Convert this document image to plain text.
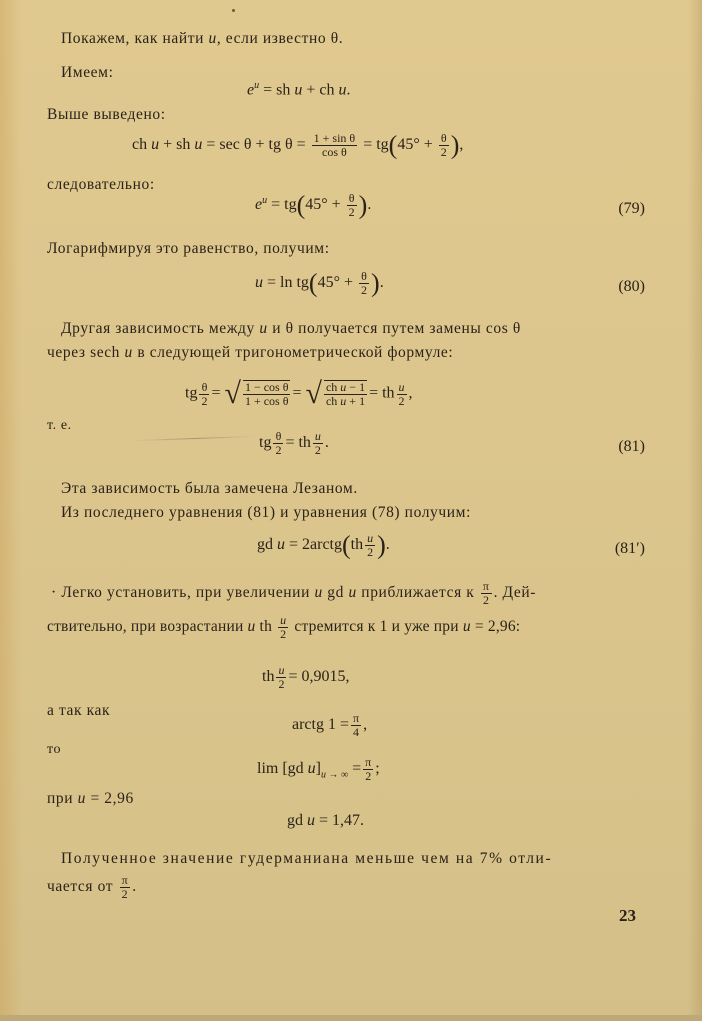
Покажем, как найти u, если известно θ.
Имеем:
$e^u$ = sh u + ch u.
Выше выведено:
ch u + sh u = sec θ + tg $\theta = \frac{\text{1 + sin θ}}{\text{cos θ}} = tg(45^\circ + \frac{\theta}{2}$ ),
следовательно:
$e^u = tg(45^\circ + \frac{\theta}{2}$ ).	(79)
Логарифмируя это равенство, получим:
$u = \ln tg(45^\circ + \frac{\theta}{2}$ ).	(80)
Другая зависимость между u и θ получается путем замены cos θ
через sech u в следующей тригонометрической формуле:
tg $\frac{\theta}{2}$ = √ $\frac{\text{1 − cos θ}}{\text{1 + cos θ}}$ = √ $\frac{\text{ch u − 1}}{\text{ch u + 1}}$ = th $\frac{u}{2}$ ,
т. е.
tg $\frac{\theta}{2}$ = th $\frac{u}{2}$ .	(81)
Эта зависимость была замечена Лезаном.
Из последнего уравнения (81) и уравнения (78) получим:
gd u = 2arctg(th $\frac{u}{2}$ ).	(81′)
⋅ Легко установить, при увеличении u gd u приближается к $\frac{\pi}{2}$ . Дей-
ствительно, при возрастании u th $\frac{u}{2}$ стремится к 1 и уже при u = 2,96:
th $\frac{u}{2} = 0,9015$,
а так как
arctg $1 = \frac{\pi}{4}$ ,
то
lim [gd $u]_{u \to \infty} = \frac{\pi}{2}$ ;
при u = 2,96
gd u = 1,47.
Полученное значение гудерманиана меньше чем на 7% отли-
чается от $\frac{\pi}{2}$ .
23
